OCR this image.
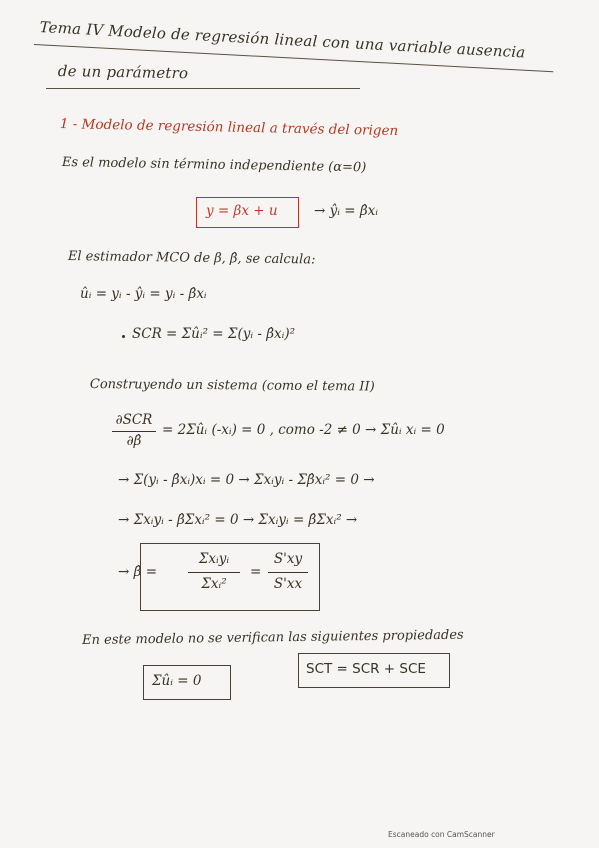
Tema IV Modelo de regresión lineal con una variable ausencia
de un parámetro
1 - Modelo de regresión lineal a través del origen
Es el modelo sin término independiente (α=0)
y = βx + u	→ ŷᵢ = β̂xᵢ
El estimador MCO de β, β̂, se calcula:
ûᵢ = yᵢ - ŷᵢ = yᵢ - β̂xᵢ
SCR = Σûᵢ² = Σ(yᵢ - β̂xᵢ)²
Construyendo un sistema (como el tema II)
∂SCR
∂β̂
= 2Σûᵢ (-xᵢ) = 0 , como -2 ≠ 0 → Σûᵢ xᵢ = 0
→ Σ(yᵢ - β̂xᵢ)xᵢ = 0 → Σxᵢyᵢ - Σβ̂xᵢ² = 0 →
→ Σxᵢyᵢ - β̂Σxᵢ² = 0 → Σxᵢyᵢ = β̂Σxᵢ² →
→ β̂ =
Σxᵢyᵢ
Σxᵢ²
=
S'xy
S'xx
En este modelo no se verifican las siguientes propiedades
Σûᵢ = 0
SCT = SCR + SCE
Escaneado con CamScanner
